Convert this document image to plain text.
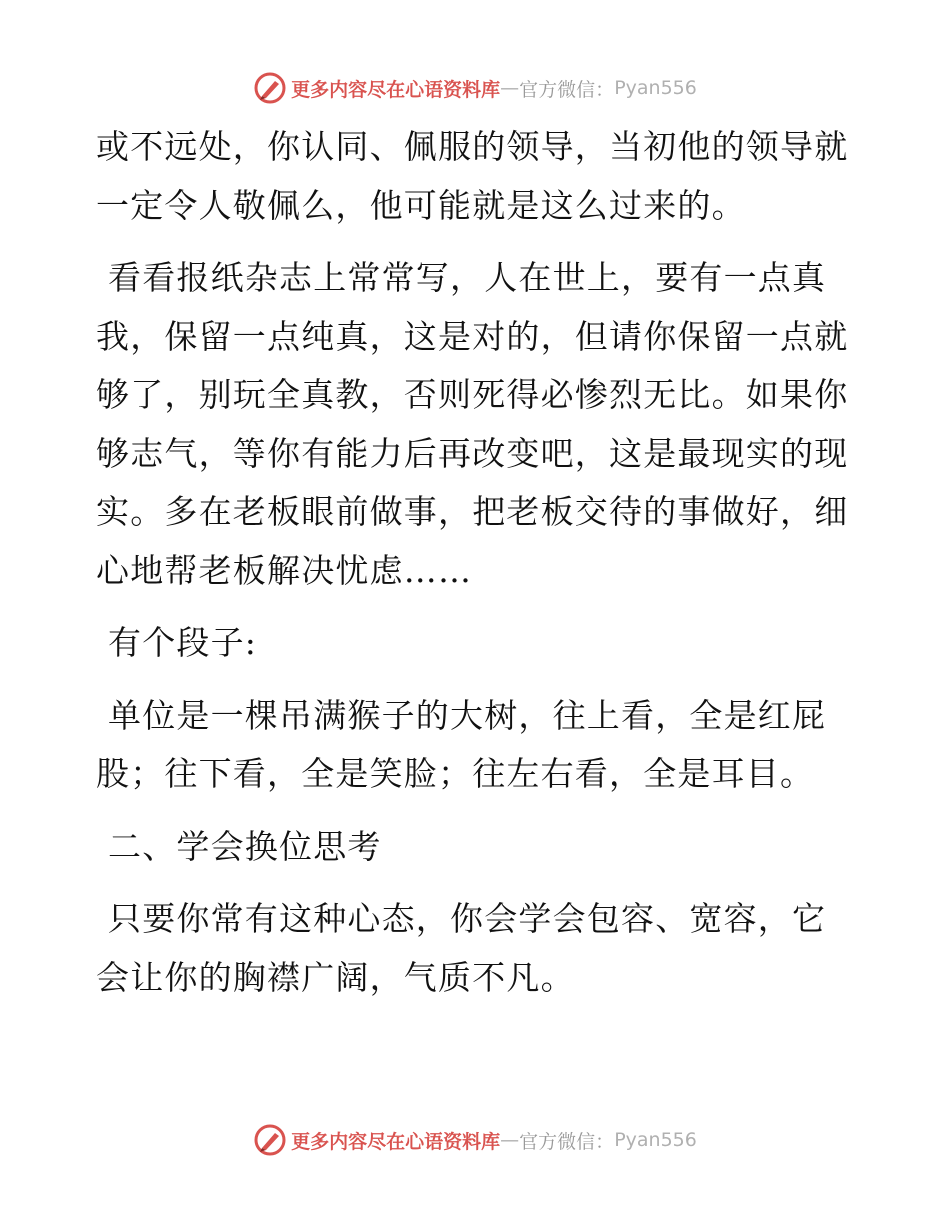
更多内容尽在心语资料库 — 官方微信： Pyan556

或不远处，你认同、佩服的领导，当初他的领导就
一定令人敬佩么，他可能就是这么过来的。

看看报纸杂志上常常写，人在世上，要有一点真
我，保留一点纯真，这是对的，但请你保留一点就
够了，别玩全真教，否则死得必惨烈无比。如果你
够志气，等你有能力后再改变吧，这是最现实的现
实。多在老板眼前做事，把老板交待的事做好，细
心地帮老板解决忧虑……

有个段子:

单位是一棵吊满猴子的大树，往上看，全是红屁
股；往下看，全是笑脸；往左右看，全是耳目。

二、学会换位思考

只要你常有这种心态，你会学会包容、宽容，它
会让你的胸襟广阔，气质不凡。

更多内容尽在心语资料库 — 官方微信： Pyan556
